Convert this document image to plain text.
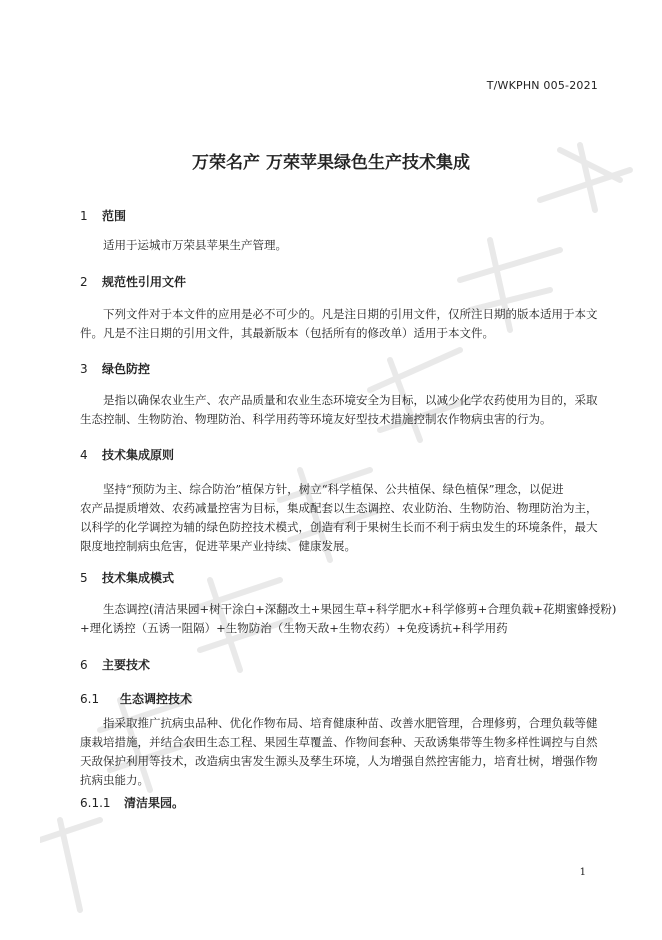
T/WKPHN 005-2021
万荣名产 万荣苹果绿色生产技术集成
1 范围
适用于运城市万荣县苹果生产管理。
2 规范性引用文件
下列文件对于本文件的应用是必不可少的。凡是注日期的引用文件，仅所注日期的版本适用于本文
件。凡是不注日期的引用文件，其最新版本（包括所有的修改单）适用于本文件。
3 绿色防控
是指以确保农业生产、农产品质量和农业生态环境安全为目标，以减少化学农药使用为目的，采取
生态控制、生物防治、物理防治、科学用药等环境友好型技术措施控制农作物病虫害的行为。
4 技术集成原则
坚持“预防为主、综合防治”植保方针，树立“科学植保、公共植保、绿色植保”理念，以促进
农产品提质增效、农药减量控害为目标，集成配套以生态调控、农业防治、生物防治、物理防治为主，
以科学的化学调控为辅的绿色防控技术模式，创造有利于果树生长而不利于病虫发生的环境条件，最大
限度地控制病虫危害，促进苹果产业持续、健康发展。
5 技术集成模式
生态调控(清洁果园+树干涂白+深翻改土+果园生草+科学肥水+科学修剪+合理负载+花期蜜蜂授粉)
+理化诱控（五诱一阻隔）+生物防治（生物天敌+生物农药）+免疫诱抗+科学用药
6 主要技术
6.1 生态调控技术
指采取推广抗病虫品种、优化作物布局、培育健康种苗、改善水肥管理，合理修剪，合理负载等健
康栽培措施，并结合农田生态工程、果园生草覆盖、作物间套种、天敌诱集带等生物多样性调控与自然
天敌保护利用等技术，改造病虫害发生源头及孳生环境，人为增强自然控害能力，培育壮树，增强作物
抗病虫能力。
6.1.1 清洁果园。
1
